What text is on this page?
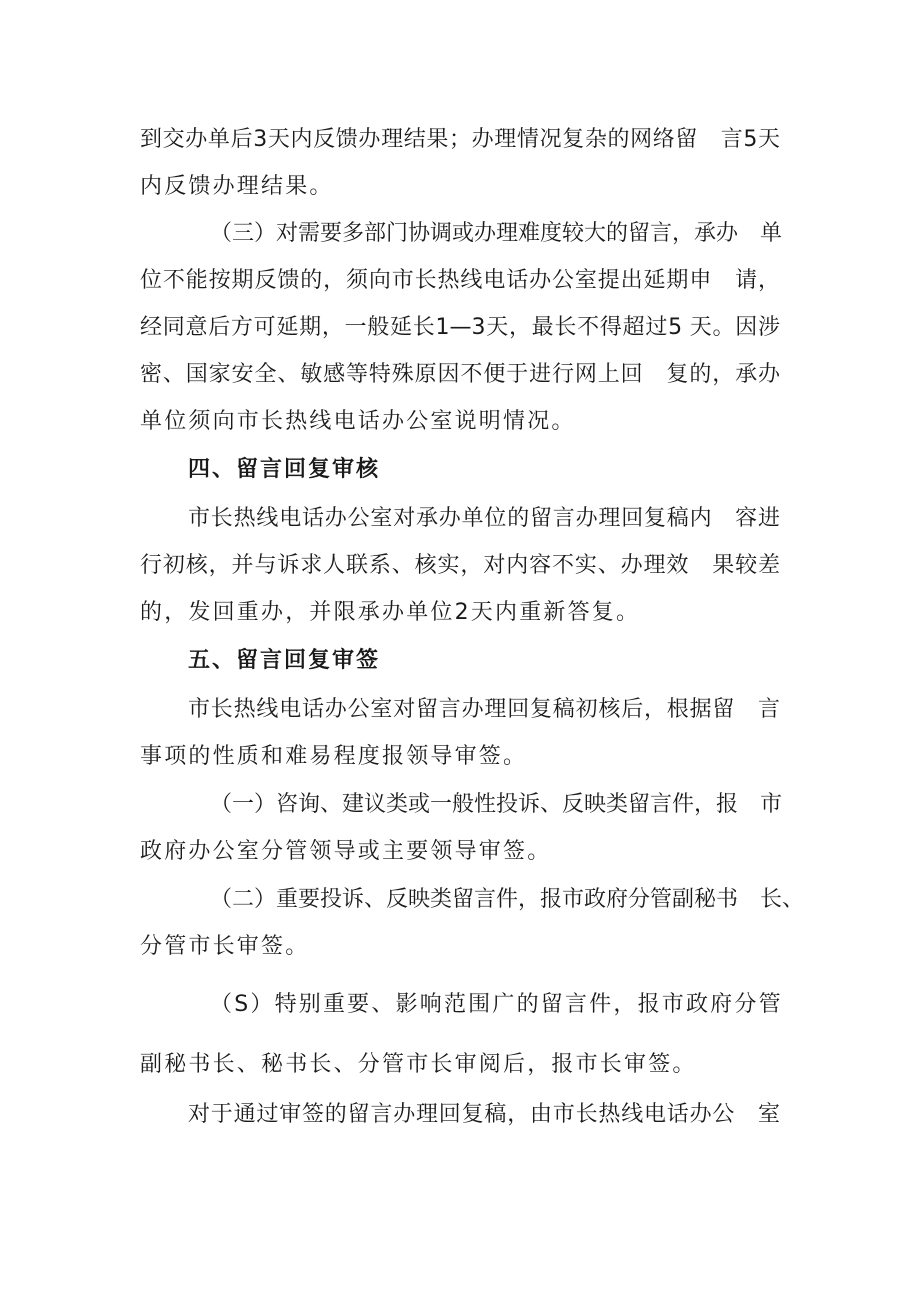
到交办单后3天内反馈办理结果；办理情况复杂的网络留　言5天
内反馈办理结果。
（三）对需要多部门协调或办理难度较大的留言，承办　单
位不能按期反馈的，须向市长热线电话办公室提出延期申　请，
经同意后方可延期，一般延长1—3天，最长不得超过5 天。因涉
密、国家安全、敏感等特殊原因不便于进行网上回　复的，承办
单位须向市长热线电话办公室说明情况。
四、留言回复审核
市长热线电话办公室对承办单位的留言办理回复稿内　容进
行初核，并与诉求人联系、核实，对内容不实、办理效　果较差
的，发回重办，并限承办单位2天内重新答复。
五、留言回复审签
市长热线电话办公室对留言办理回复稿初核后，根据留　言
事项的性质和难易程度报领导审签。
（一）咨询、建议类或一般性投诉、反映类留言件，报　市
政府办公室分管领导或主要领导审签。
（二）重要投诉、反映类留言件，报市政府分管副秘书　长、
分管市长审签。
（S）特别重要、影响范围广的留言件，报市政府分管
副秘书长、秘书长、分管市长审阅后，报市长审签。
对于通过审签的留言办理回复稿，由市长热线电话办公　室
